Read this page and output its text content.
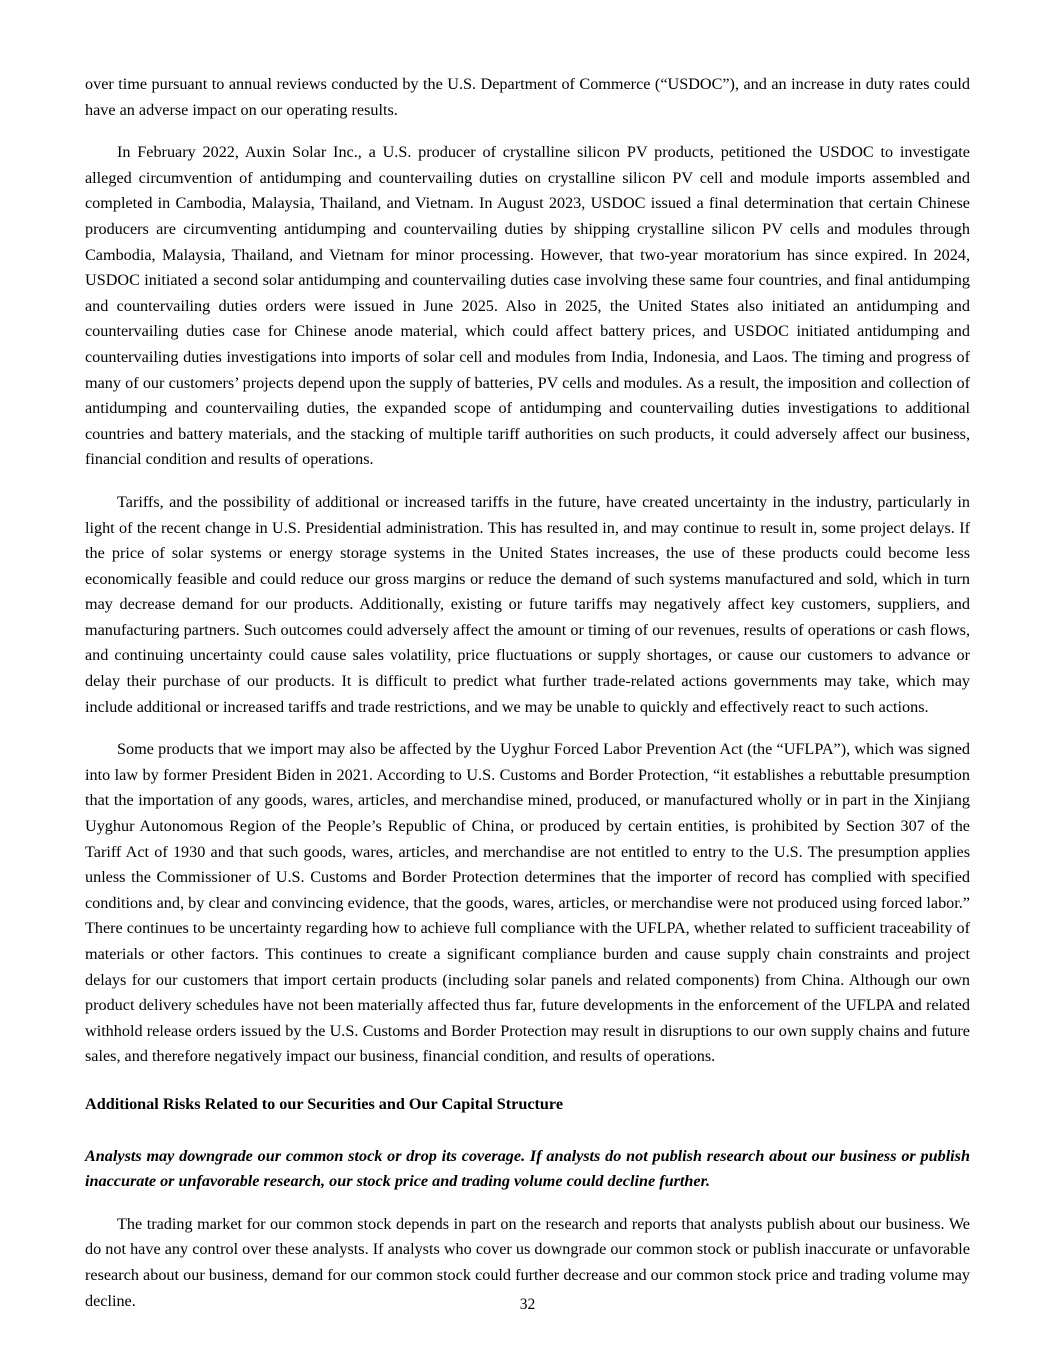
over time pursuant to annual reviews conducted by the U.S. Department of Commerce (“USDOC”), and an increase in duty rates could have an adverse impact on our operating results.

In February 2022, Auxin Solar Inc., a U.S. producer of crystalline silicon PV products, petitioned the USDOC to investigate alleged circumvention of antidumping and countervailing duties on crystalline silicon PV cell and module imports assembled and completed in Cambodia, Malaysia, Thailand, and Vietnam. In August 2023, USDOC issued a final determination that certain Chinese producers are circumventing antidumping and countervailing duties by shipping crystalline silicon PV cells and modules through Cambodia, Malaysia, Thailand, and Vietnam for minor processing. However, that two-year moratorium has since expired. In 2024, USDOC initiated a second solar antidumping and countervailing duties case involving these same four countries, and final antidumping and countervailing duties orders were issued in June 2025. Also in 2025, the United States also initiated an antidumping and countervailing duties case for Chinese anode material, which could affect battery prices, and USDOC initiated antidumping and countervailing duties investigations into imports of solar cell and modules from India, Indonesia, and Laos. The timing and progress of many of our customers’ projects depend upon the supply of batteries, PV cells and modules. As a result, the imposition and collection of antidumping and countervailing duties, the expanded scope of antidumping and countervailing duties investigations to additional countries and battery materials, and the stacking of multiple tariff authorities on such products, it could adversely affect our business, financial condition and results of operations.

Tariffs, and the possibility of additional or increased tariffs in the future, have created uncertainty in the industry, particularly in light of the recent change in U.S. Presidential administration. This has resulted in, and may continue to result in, some project delays. If the price of solar systems or energy storage systems in the United States increases, the use of these products could become less economically feasible and could reduce our gross margins or reduce the demand of such systems manufactured and sold, which in turn may decrease demand for our products. Additionally, existing or future tariffs may negatively affect key customers, suppliers, and manufacturing partners. Such outcomes could adversely affect the amount or timing of our revenues, results of operations or cash flows, and continuing uncertainty could cause sales volatility, price fluctuations or supply shortages, or cause our customers to advance or delay their purchase of our products. It is difficult to predict what further trade-related actions governments may take, which may include additional or increased tariffs and trade restrictions, and we may be unable to quickly and effectively react to such actions.

Some products that we import may also be affected by the Uyghur Forced Labor Prevention Act (the “UFLPA”), which was signed into law by former President Biden in 2021. According to U.S. Customs and Border Protection, “it establishes a rebuttable presumption that the importation of any goods, wares, articles, and merchandise mined, produced, or manufactured wholly or in part in the Xinjiang Uyghur Autonomous Region of the People’s Republic of China, or produced by certain entities, is prohibited by Section 307 of the Tariff Act of 1930 and that such goods, wares, articles, and merchandise are not entitled to entry to the U.S. The presumption applies unless the Commissioner of U.S. Customs and Border Protection determines that the importer of record has complied with specified conditions and, by clear and convincing evidence, that the goods, wares, articles, or merchandise were not produced using forced labor.” There continues to be uncertainty regarding how to achieve full compliance with the UFLPA, whether related to sufficient traceability of materials or other factors. This continues to create a significant compliance burden and cause supply chain constraints and project delays for our customers that import certain products (including solar panels and related components) from China. Although our own product delivery schedules have not been materially affected thus far, future developments in the enforcement of the UFLPA and related withhold release orders issued by the U.S. Customs and Border Protection may result in disruptions to our own supply chains and future sales, and therefore negatively impact our business, financial condition, and results of operations.

Additional Risks Related to our Securities and Our Capital Structure

Analysts may downgrade our common stock or drop its coverage. If analysts do not publish research about our business or publish inaccurate or unfavorable research, our stock price and trading volume could decline further.

The trading market for our common stock depends in part on the research and reports that analysts publish about our business. We do not have any control over these analysts. If analysts who cover us downgrade our common stock or publish inaccurate or unfavorable research about our business, demand for our common stock could further decrease and our common stock price and trading volume may decline.	32
